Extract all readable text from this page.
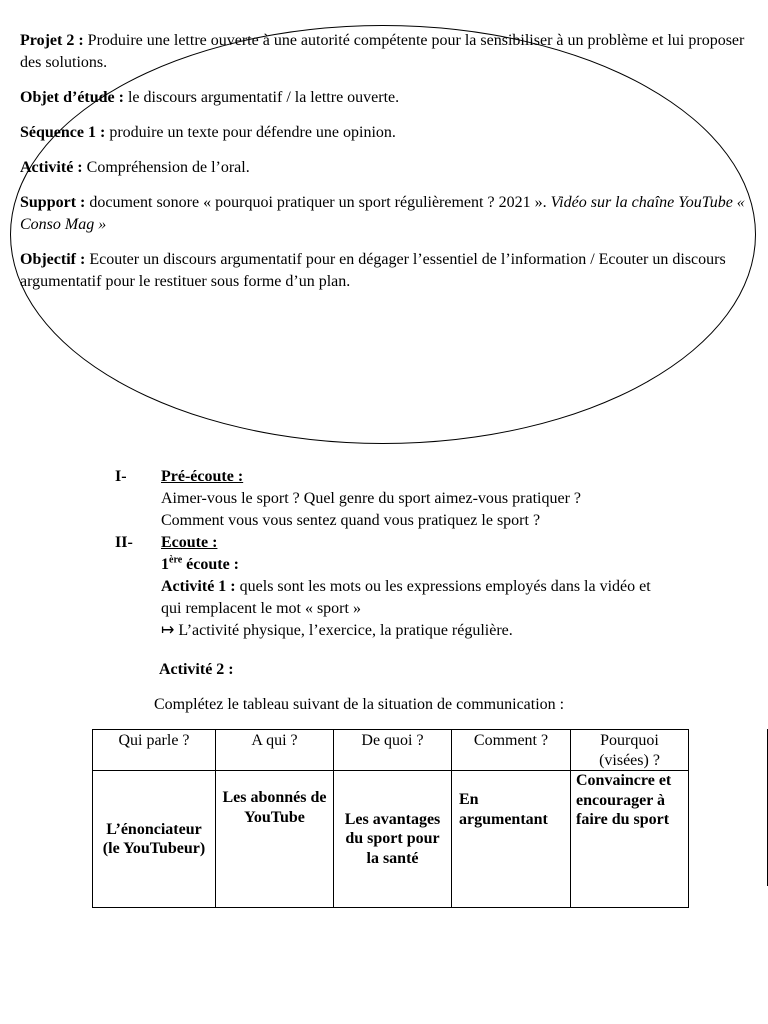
Projet 2 : Produire une lettre ouverte à une autorité compétente pour la sensibiliser à un problème et lui proposer des solutions.

Objet d’étude : le discours argumentatif / la lettre ouverte.

Séquence 1 : produire un texte pour défendre une opinion.

Activité : Compréhension de l’oral.

Support : document sonore « pourquoi pratiquer un sport régulièrement ? 2021 ». Vidéo sur la chaîne YouTube « Conso Mag »

Objectif : Ecouter un discours argumentatif pour en dégager l’essentiel de l’information / Ecouter un discours argumentatif pour le restituer sous forme d’un plan.

I-	Pré-écoute :
Aimer-vous le sport ? Quel genre du sport aimez-vous pratiquer ?
Comment vous vous sentez quand vous pratiquez le sport ?
II-	Ecoute :
1ère écoute :
Activité 1 : quels sont les mots ou les expressions employés dans la vidéo et qui remplacent le mot « sport »
↦ L’activité physique, l’exercice, la pratique régulière.
Activité 2 :
Complétez le tableau suivant de la situation de communication :
Qui parle ?	A qui ?	De quoi ?	Comment ?	Pourquoi (visées) ?
L’énonciateur (le YouTubeur)	Les abonnés de YouTube	Les avantages du sport pour la santé	En argumentant	Convaincre et encourager à faire du sport
